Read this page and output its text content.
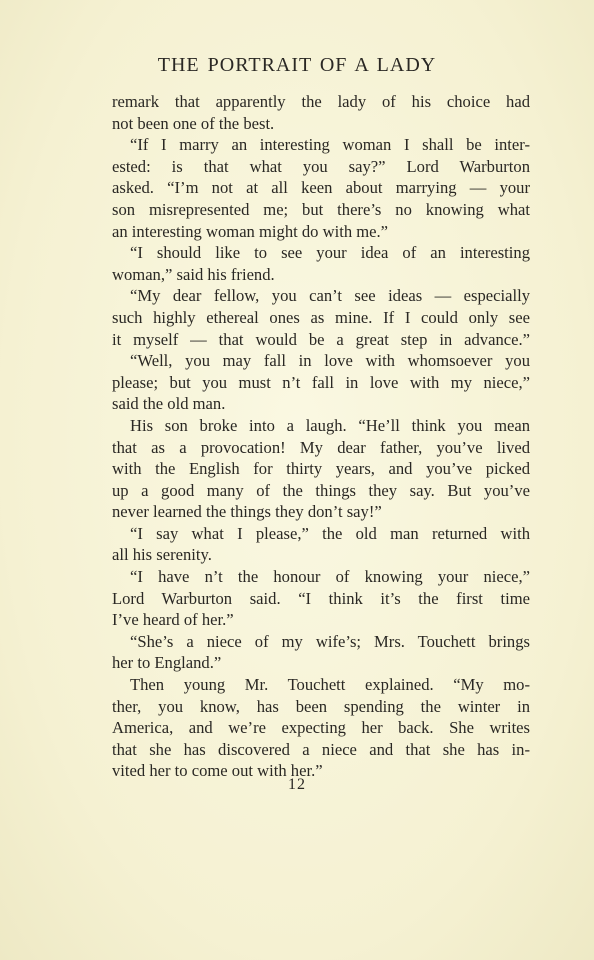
THE PORTRAIT OF A LADY
remark that apparently the lady of his choice had
not been one of the best.
“If I marry an interesting woman I shall be inter-
ested: is that what you say?” Lord Warburton
asked. “I’m not at all keen about marrying — your
son misrepresented me; but there’s no knowing what
an interesting woman might do with me.”
“I should like to see your idea of an interesting
woman,” said his friend.
“My dear fellow, you can’t see ideas — especially
such highly ethereal ones as mine. If I could only see
it myself — that would be a great step in advance.”
“Well, you may fall in love with whomsoever you
please; but you must n’t fall in love with my niece,”
said the old man.
His son broke into a laugh. “He’ll think you mean
that as a provocation! My dear father, you’ve lived
with the English for thirty years, and you’ve picked
up a good many of the things they say. But you’ve
never learned the things they don’t say!”
“I say what I please,” the old man returned with
all his serenity.
“I have n’t the honour of knowing your niece,”
Lord Warburton said. “I think it’s the first time
I’ve heard of her.”
“She’s a niece of my wife’s; Mrs. Touchett brings
her to England.”
Then young Mr. Touchett explained. “My mo-
ther, you know, has been spending the winter in
America, and we’re expecting her back. She writes
that she has discovered a niece and that she has in-
vited her to come out with her.”
12
